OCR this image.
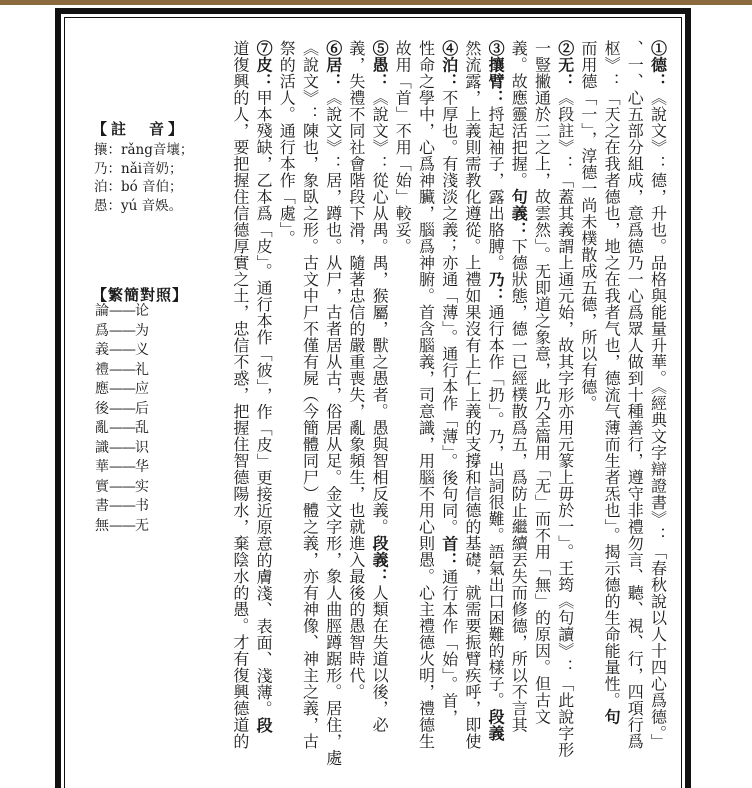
①德：《說文》：德，升也。品格與能量升華。《經典文字辯證書》：「春秋說以人十四心爲德。」
、一、心五部分組成，意爲德乃一心爲眾人做到十種善行，遵守非禮勿言、聽、視、行，四項行爲
枢》：「天之在我者德也，地之在我者气也，德流气薄而生者炁也」。揭示德的生命能量性。句
而用德「一」，淳德一尚未樸散成五德，所以有德。
②无：《段註》：「蓋其義謂上通元始，故其字形亦用元篆上毋於一」。王筠《句讀》：「此說字形
一豎撇通於二之上，故雲然」。无即道之象意，此乃全篇用「无」而不用「無」的原因。但古文
義。故應靈活把握。句義：下德狀態，德一已經樸散爲五，爲防止繼續丟失而修德，所以不言其
③攘臂：捋起袖子，露出胳膊。乃：通行本作「扔」。乃，出詞很難。語氣出口困難的樣子。段義
然流露，上義則需教化遵從。上禮如果沒有上仁上義的支撐和信德的基礎，就需要振臂疾呼，即使
④泊：不厚也。有淺淡之義；亦通「薄」。通行本作「薄」。後句同。首：通行本作「始」。首，
性命之學中，心爲神臟，腦爲神腑。首含腦義，司意識，用腦不用心則愚。心主禮德火明，禮德生
故用「首」不用「始」較妥。
⑤愚：《說文》：從心从禺。禺，猴屬，獸之愚者。愚與智相反義。段義：人類在失道以後，必
義，失禮不同社會階段下滑，隨著忠信的嚴重喪失，亂象頻生，也就進入最後的愚智時代。
⑥居：《說文》：居，蹲也。从尸，古者居从古，俗居从足。金文字形，象人曲脛蹲踞形。居住，處
《說文》：陳也，象臥之形。古文中尸不僅有屍（今簡體同尸）體之義，亦有神像、神主之義，古
祭的活人。通行本作「處」。
⑦皮：甲本殘缺，乙本爲「皮」。通行本作「彼」，作「皮」更接近原意的膚淺、表面、淺薄。段
道復興的人，要把握住信德厚實之土，忠信不惑，把握住智德陽水，棄陰水的愚。才有復興德道的
【註　音】
攘：rǎng音壤；
乃：nǎi音奶；
泊：bó 音伯；
愚：yú 音娛。
【繁簡對照】
論——论
爲——为
義——义
禮——礼
應——应
後——后
亂——乱
識——识
華——华
實——实
書——书
無——无
